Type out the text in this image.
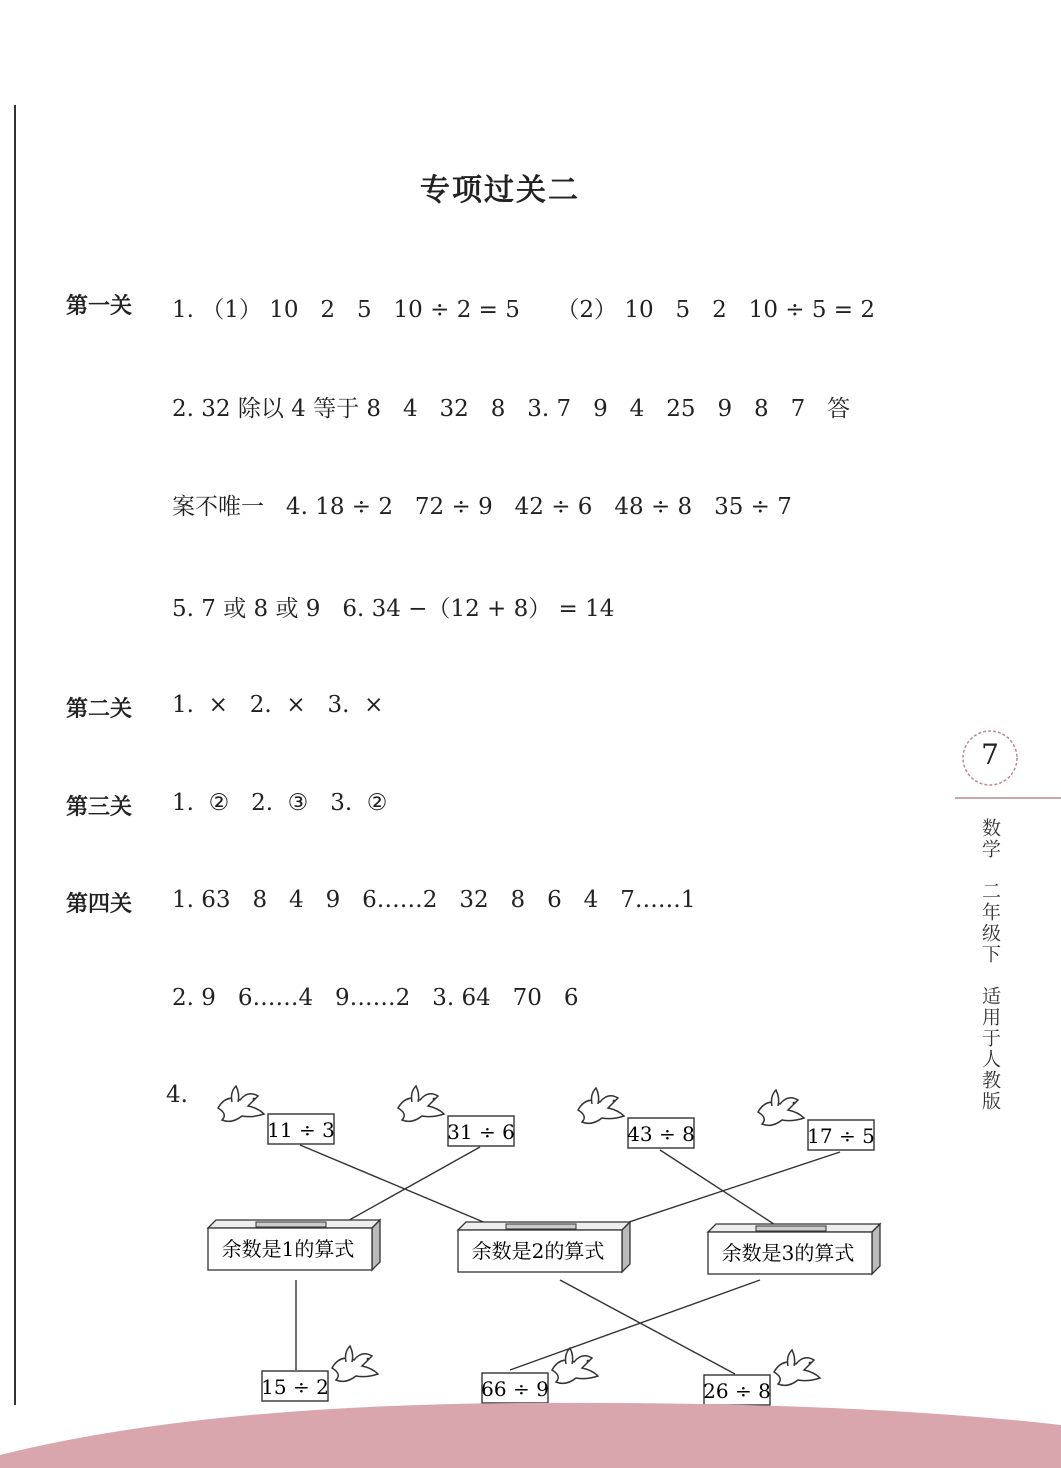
专项过关二
第一关 1. （1） 10   2   5   10 ÷ 2 = 5     （2） 10   5   2   10 ÷ 5 = 2
2. 32 除以 4 等于 8   4   32   8   3. 7   9   4   25   9   8   7   答
案不唯一   4. 18 ÷ 2   72 ÷ 9   42 ÷ 6   48 ÷ 8   35 ÷ 7
5. 7 或 8 或 9   6. 34 −（12 + 8） = 14
第二关 1.  ×   2.  ×   3.  ×
第三关 1.  ②   2.  ③   3.  ②
第四关 1. 63   8   4   9   6……2   32   8   6   4   7……1
2. 9   6……4   9……2   3. 64   70   6
4.
11 ÷ 3	31 ÷ 6	43 ÷ 8	17 ÷ 5
余数是1的算式	余数是2的算式	余数是3的算式
15 ÷ 2	66 ÷ 9	26 ÷ 8
7
数学　二年级下　适用于人教版
